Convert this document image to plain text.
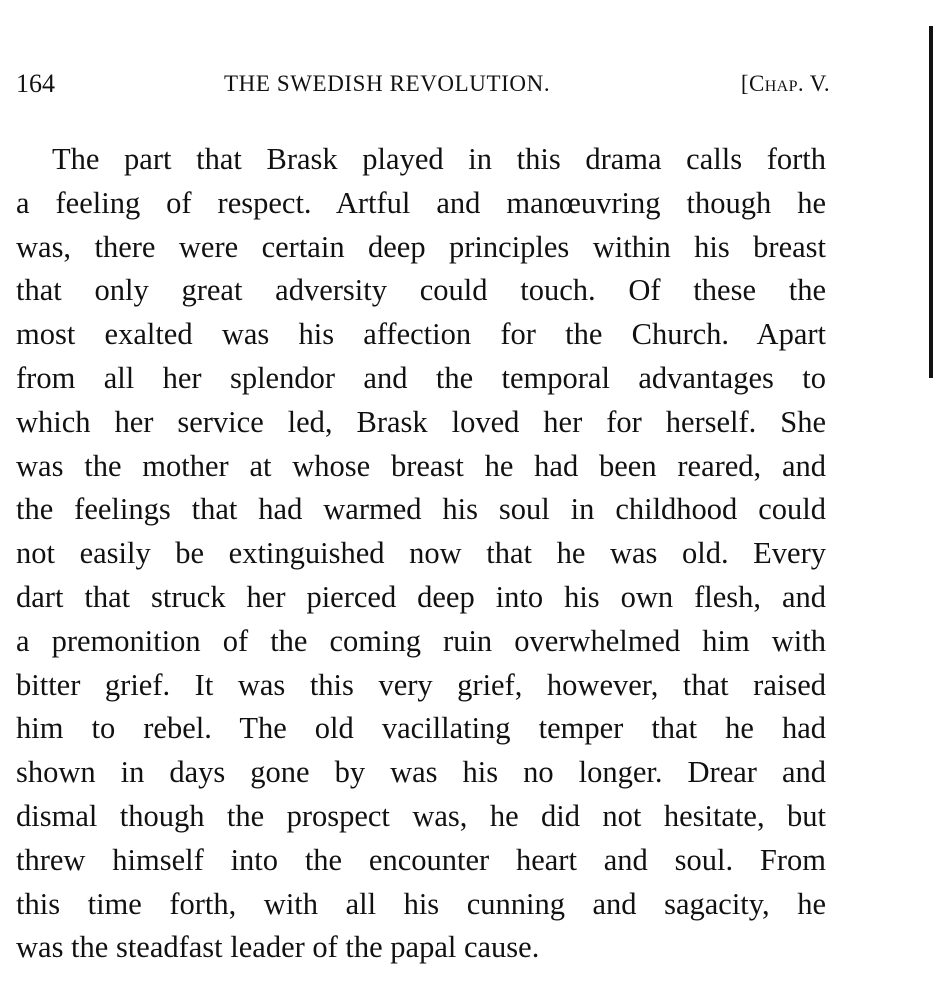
164	THE SWEDISH REVOLUTION.	[Chap. V.
The part that Brask played in this drama calls forth
a feeling of respect. Artful and manœuvring though he
was, there were certain deep principles within his breast
that only great adversity could touch. Of these the
most exalted was his affection for the Church. Apart
from all her splendor and the temporal advantages to
which her service led, Brask loved her for herself. She
was the mother at whose breast he had been reared, and
the feelings that had warmed his soul in childhood could
not easily be extinguished now that he was old. Every
dart that struck her pierced deep into his own flesh, and
a premonition of the coming ruin overwhelmed him with
bitter grief. It was this very grief, however, that raised
him to rebel. The old vacillating temper that he had
shown in days gone by was his no longer. Drear and
dismal though the prospect was, he did not hesitate, but
threw himself into the encounter heart and soul. From
this time forth, with all his cunning and sagacity, he
was the steadfast leader of the papal cause.
